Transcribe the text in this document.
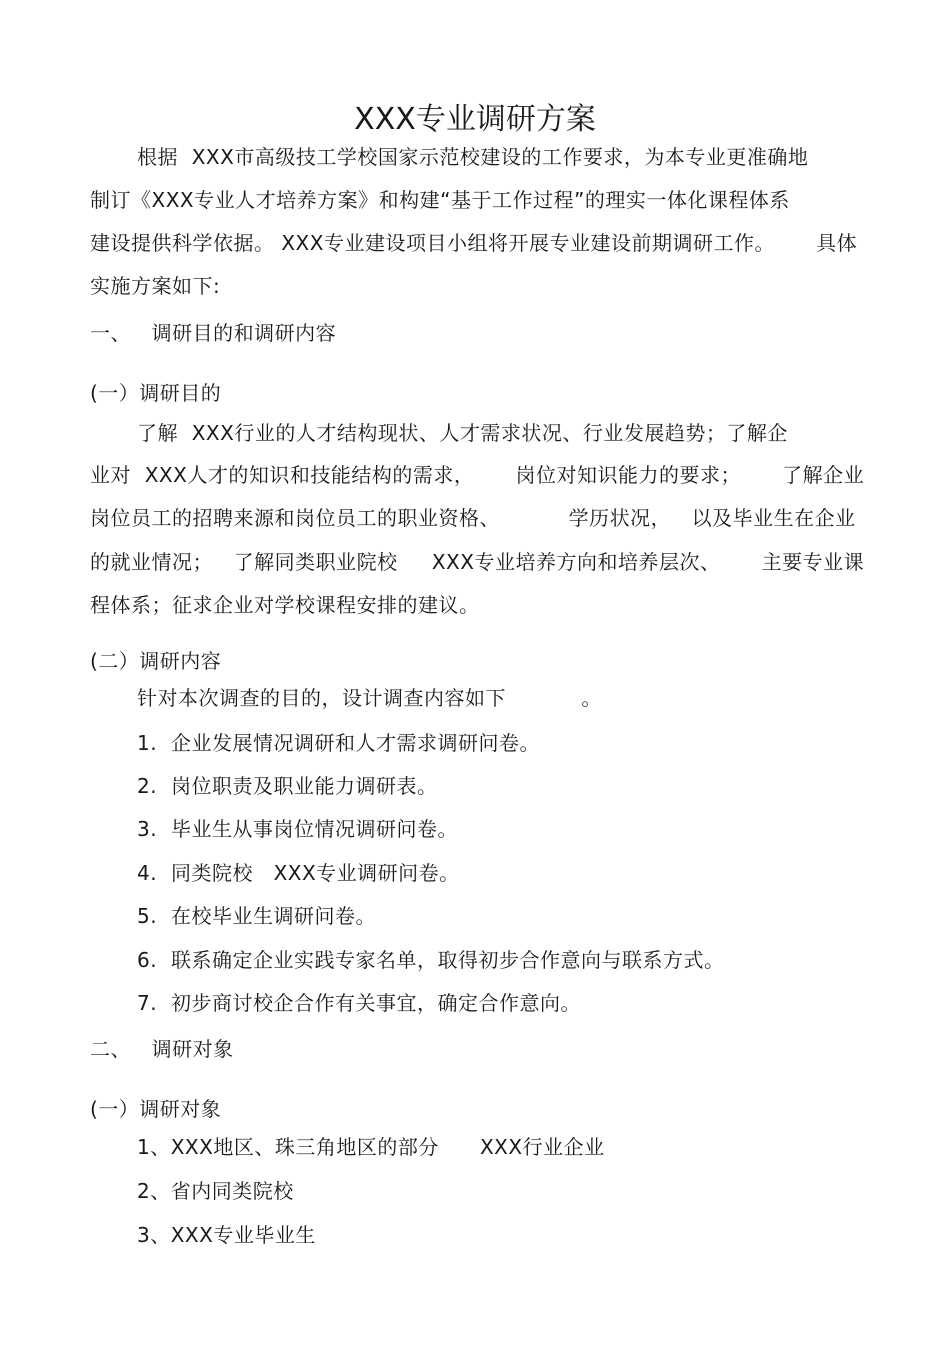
XXX专业调研方案
根据  XXX市高级技工学校国家示范校建设的工作要求，为本专业更准确地
制订《XXX专业人才培养方案》和构建“基于工作过程”的理实一体化课程体系
建设提供科学依据。 XXX专业建设项目小组将开展专业建设前期调研工作。      具体
实施方案如下:
一、   调研目的和调研内容
(一）调研目的
了解  XXX行业的人才结构现状、人才需求状况、行业发展趋势；了解企
业对  XXX人才的知识和技能结构的需求，      岗位对知识能力的要求；      了解企业
岗位员工的招聘来源和岗位员工的职业资格、          学历状况，   以及毕业生在企业
的就业情况；   了解同类职业院校     XXX专业培养方向和培养层次、      主要专业课
程体系；征求企业对学校课程安排的建议。
(二）调研内容
针对本次调查的目的，设计调查内容如下           。
1. 企业发展情况调研和人才需求调研问卷。
2. 岗位职责及职业能力调研表。
3. 毕业生从事岗位情况调研问卷。
4. 同类院校   XXX专业调研问卷。
5. 在校毕业生调研问卷。
6. 联系确定企业实践专家名单，取得初步合作意向与联系方式。
7. 初步商讨校企合作有关事宜，确定合作意向。
二、   调研对象
(一）调研对象
1、XXX地区、珠三角地区的部分      XXX行业企业
2、省内同类院校
3、XXX专业毕业生
